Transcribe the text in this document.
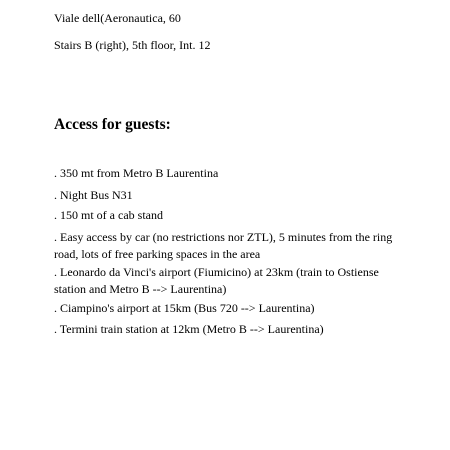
Viale dell(Aeronautica, 60
Stairs B (right), 5th floor, Int. 12
Access for guests:
. 350 mt from Metro B Laurentina
. Night Bus N31
. 150 mt of a cab stand
. Easy access by car (no restrictions nor ZTL), 5 minutes from the ring road, lots of free parking spaces in the area
. Leonardo da Vinci's airport (Fiumicino) at 23km (train to Ostiense station and Metro B --> Laurentina)
. Ciampino's airport at 15km (Bus 720 --> Laurentina)
. Termini train station at 12km (Metro B --> Laurentina)
